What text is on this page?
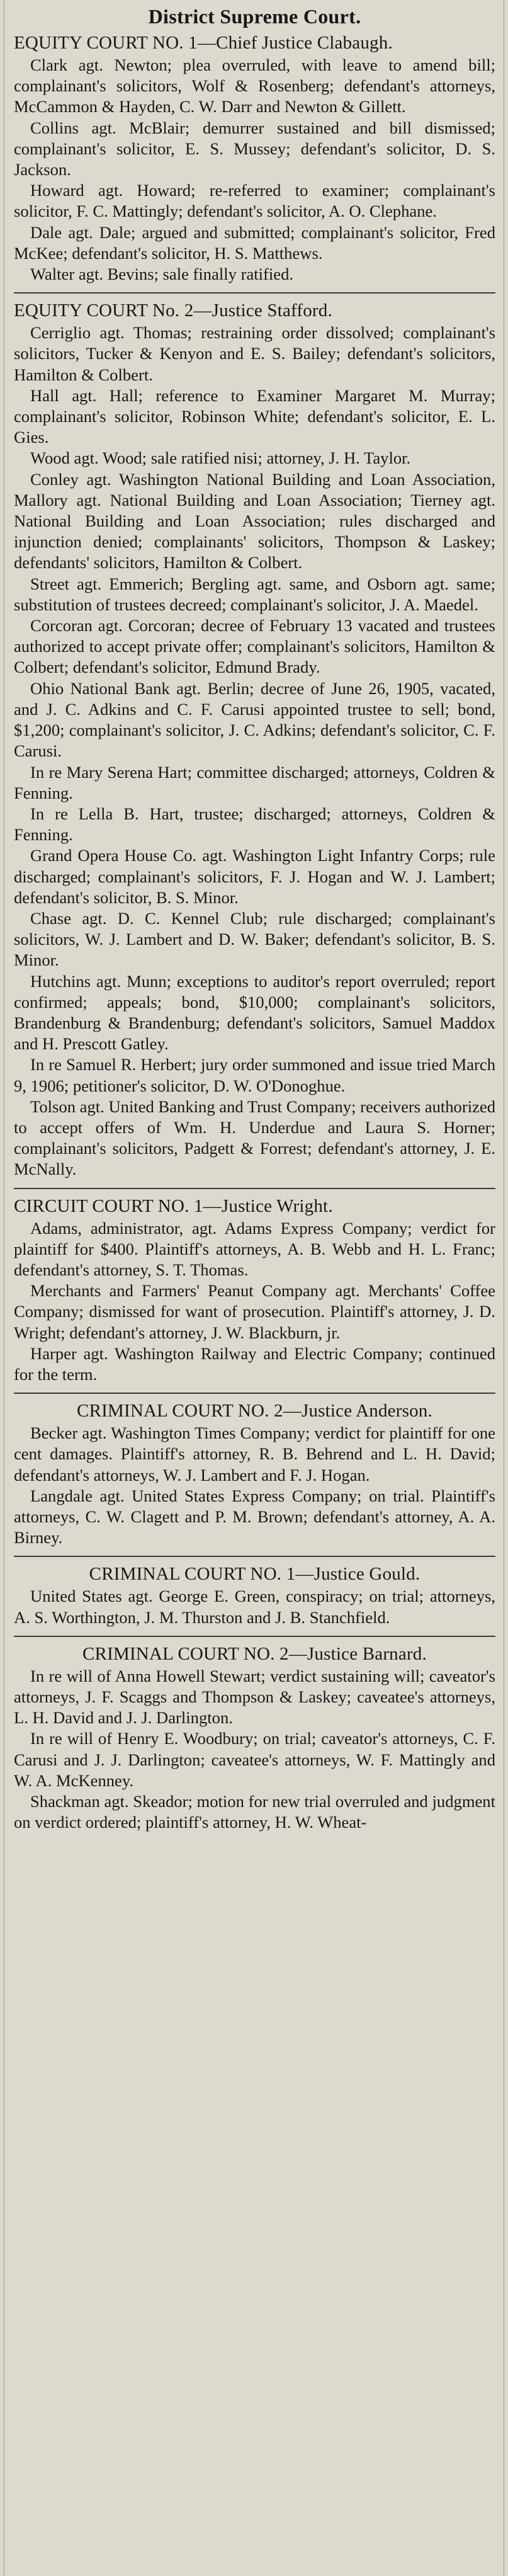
District Supreme Court.
EQUITY COURT NO. 1—Chief Justice Clabaugh.

Clark agt. Newton; plea overruled, with leave to amend bill; complainant's solicitors, Wolf & Rosenberg; defendant's attorneys, McCammon & Hayden, C. W. Darr and Newton & Gillett.

Collins agt. McBlair; demurrer sustained and bill dismissed; complainant's solicitor, E. S. Mussey; defendant's solicitor, D. S. Jackson.

Howard agt. Howard; re-referred to examiner; complainant's solicitor, F. C. Mattingly; defendant's solicitor, A. O. Clephane.

Dale agt. Dale; argued and submitted; complainant's solicitor, Fred McKee; defendant's solicitor, H. S. Matthews.

Walter agt. Bevins; sale finally ratified.

EQUITY COURT No. 2—Justice Stafford.

Cerriglio agt. Thomas; restraining order dissolved; complainant's solicitors, Tucker & Kenyon and E. S. Bailey; defendant's solicitors, Hamilton & Colbert.

Hall agt. Hall; reference to Examiner Margaret M. Murray; complainant's solicitor, Robinson White; defendant's solicitor, E. L. Gies.

Wood agt. Wood; sale ratified nisi; attorney, J. H. Taylor.

Conley agt. Washington National Building and Loan Association, Mallory agt. National Building and Loan Association; Tierney agt. National Building and Loan Association; rules discharged and injunction denied; complainants' solicitors, Thompson & Laskey; defendants' solicitors, Hamilton & Colbert.

Street agt. Emmerich; Bergling agt. same, and Osborn agt. same; substitution of trustees decreed; complainant's solicitor, J. A. Maedel.

Corcoran agt. Corcoran; decree of February 13 vacated and trustees authorized to accept private offer; complainant's solicitors, Hamilton & Colbert; defendant's solicitor, Edmund Brady.

Ohio National Bank agt. Berlin; decree of June 26, 1905, vacated, and J. C. Adkins and C. F. Carusi appointed trustee to sell; bond, $1,200; complainant's solicitor, J. C. Adkins; defendant's solicitor, C. F. Carusi.

In re Mary Serena Hart; committee discharged; attorneys, Coldren & Fenning.

In re Lella B. Hart, trustee; discharged; attorneys, Coldren & Fenning.

Grand Opera House Co. agt. Washington Light Infantry Corps; rule discharged; complainant's solicitors, F. J. Hogan and W. J. Lambert; defendant's solicitor, B. S. Minor.

Chase agt. D. C. Kennel Club; rule discharged; complainant's solicitors, W. J. Lambert and D. W. Baker; defendant's solicitor, B. S. Minor.

Hutchins agt. Munn; exceptions to auditor's report overruled; report confirmed; appeals; bond, $10,000; complainant's solicitors, Brandenburg & Brandenburg; defendant's solicitors, Samuel Maddox and H. Prescott Gatley.

In re Samuel R. Herbert; jury order summoned and issue tried March 9, 1906; petitioner's solicitor, D. W. O'Donoghue.

Tolson agt. United Banking and Trust Company; receivers authorized to accept offers of Wm. H. Underdue and Laura S. Horner; complainant's solicitors, Padgett & Forrest; defendant's attorney, J. E. McNally.

CIRCUIT COURT NO. 1—Justice Wright.

Adams, administrator, agt. Adams Express Company; verdict for plaintiff for $400. Plaintiff's attorneys, A. B. Webb and H. L. Franc; defendant's attorney, S. T. Thomas.

Merchants and Farmers' Peanut Company agt. Merchants' Coffee Company; dismissed for want of prosecution. Plaintiff's attorney, J. D. Wright; defendant's attorney, J. W. Blackburn, jr.

Harper agt. Washington Railway and Electric Company; continued for the term.

CRIMINAL COURT NO. 2—Justice Anderson.

Becker agt. Washington Times Company; verdict for plaintiff for one cent damages. Plaintiff's attorney, R. B. Behrend and L. H. David; defendant's attorneys, W. J. Lambert and F. J. Hogan.

Langdale agt. United States Express Company; on trial. Plaintiff's attorneys, C. W. Clagett and P. M. Brown; defendant's attorney, A. A. Birney.

CRIMINAL COURT NO. 1—Justice Gould.

United States agt. George E. Green, conspiracy; on trial; attorneys, A. S. Worthington, J. M. Thurston and J. B. Stanchfield.

CRIMINAL COURT NO. 2—Justice Barnard.

In re will of Anna Howell Stewart; verdict sustaining will; caveator's attorneys, J. F. Scaggs and Thompson & Laskey; caveatee's attorneys, L. H. David and J. J. Darlington.

In re will of Henry E. Woodbury; on trial; caveator's attorneys, C. F. Carusi and J. J. Darlington; caveatee's attorneys, W. F. Mattingly and W. A. McKenney.

Shackman agt. Skeador; motion for new trial overruled and judgment on verdict ordered; plaintiff's attorney, H. W. Wheat-
